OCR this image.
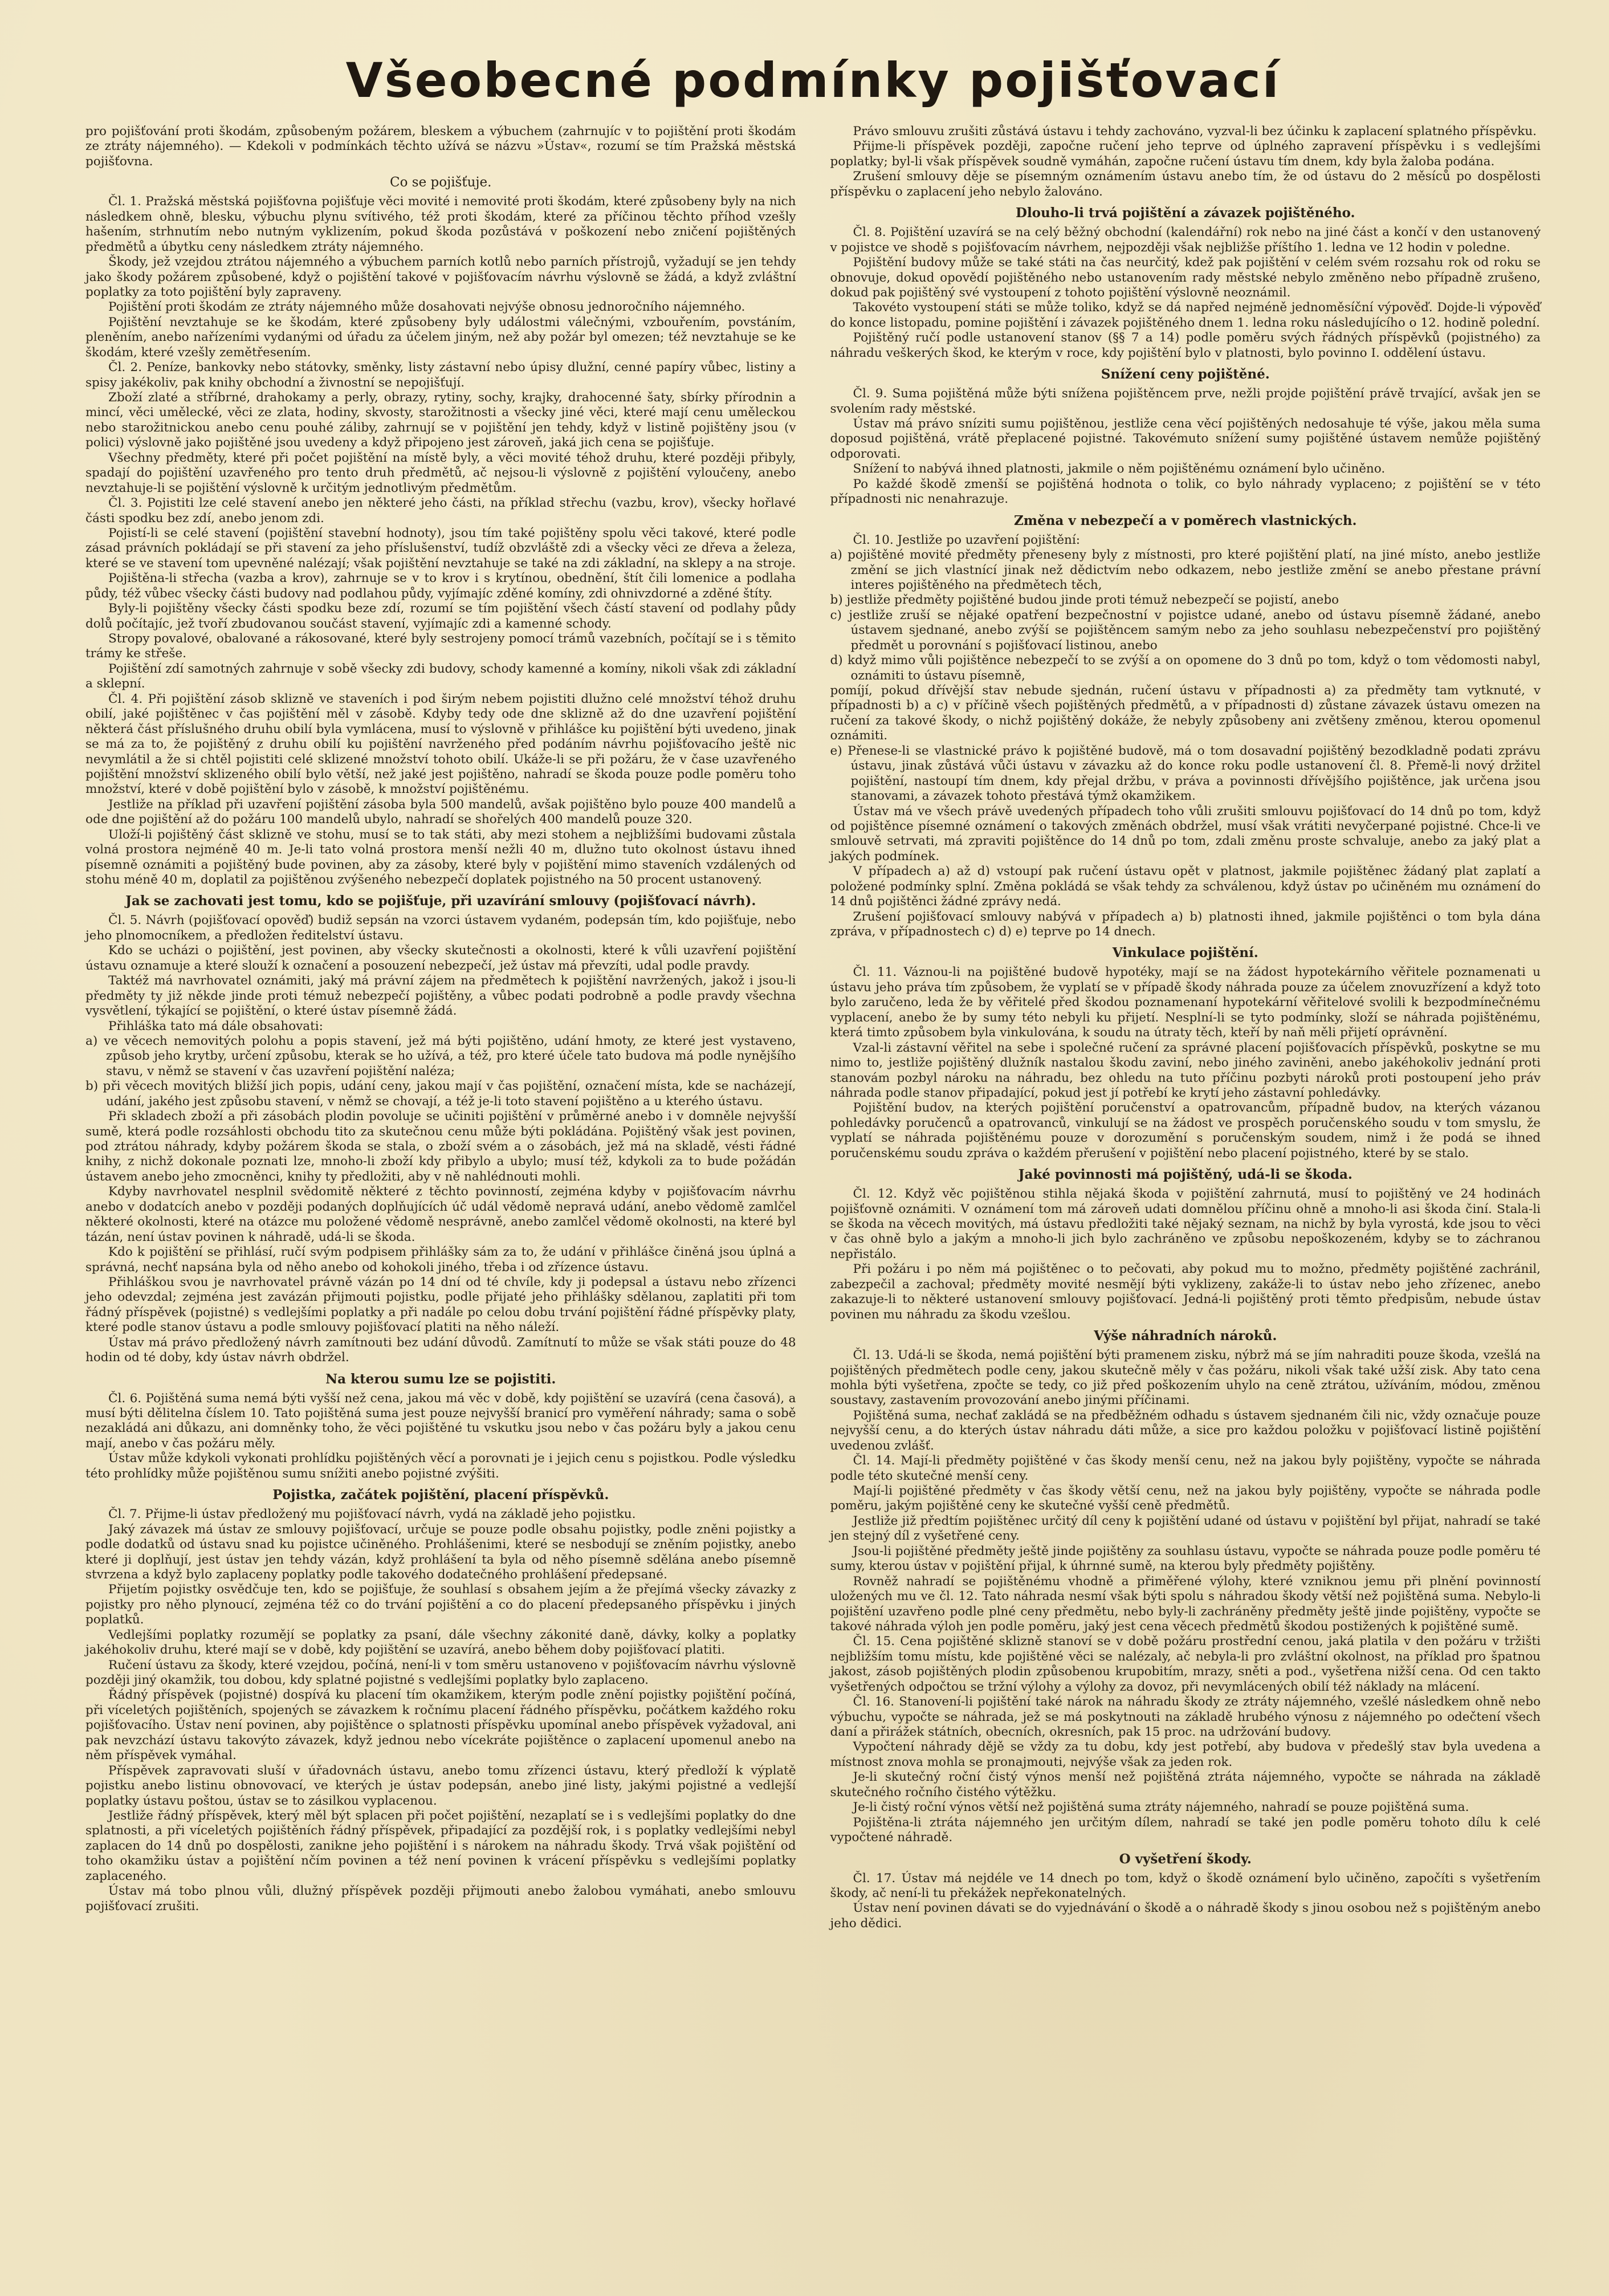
Všeobecné podmínky pojišťovací

pro pojišťování proti škodám, způsobeným požárem, bleskem a výbuchem (zahrnujíc v to pojištění proti škodám ze ztráty nájemného). — Kdekoli v podmínkách těchto užívá se názvu »Ústav«, rozumí se tím Pražská městská pojišťovna.

Co se pojišťuje.

Čl. 1. Pražská městská pojišťovna pojišťuje věci movité i nemovité proti škodám, které způsobeny byly na nich následkem ohně, blesku, výbuchu plynu svítivého, též proti škodám, které za příčinou těchto příhod vzešly hašením, strhnutím nebo nutným vyklizením, pokud škoda pozůstává v poškození nebo zničení pojištěných předmětů a úbytku ceny následkem ztráty nájemného.

Škody, jež vzejdou ztrátou nájemného a výbuchem parních kotlů nebo parních přístrojů, vyžadují se jen tehdy jako škody požárem způsobené, když o pojištění takové v pojišťovacím návrhu výslovně se žádá, a když zvláštní poplatky za toto pojištění byly zapraveny.

Pojištění proti škodám ze ztráty nájemného může dosahovati nejvýše obnosu jednoročního nájemného.

Pojištění nevztahuje se ke škodám, které způsobeny byly událostmi válečnými, vzbouřením, povstáním, pleněním, anebo nařízeními vydanými od úřadu za účelem jiným, než aby požár byl omezen; též nevztahuje se ke škodám, které vzešly zemětřesením.

Čl. 2. Peníze, bankovky nebo státovky, směnky, listy zástavní nebo úpisy dlužní, cenné papíry vůbec, listiny a spisy jakékoliv, pak knihy obchodní a živnostní se nepojišťují.

Zboží zlaté a stříbrné, drahokamy a perly, obrazy, rytiny, sochy, krajky, drahocenné šaty, sbírky přírodnin a mincí, věci umělecké, věci ze zlata, hodiny, skvosty, starožitnosti a všecky jiné věci, které mají cenu uměleckou nebo starožitnickou anebo cenu pouhé záliby, zahrnují se v pojištění jen tehdy, když v listině pojištěny jsou (v polici) výslovně jako pojištěné jsou uvedeny a když připojeno jest zároveň, jaká jich cena se pojišťuje.

Všechny předměty, které při počet pojištění na místě byly, a věci movité téhož druhu, které později přibyly, spadají do pojištění uzavřeného pro tento druh předmětů, ač nejsou-li výslovně z pojištění vyloučeny, anebo nevztahuje-li se pojištění výslovně k určitým jednotlivým předmětům.

Čl. 3. Pojistiti lze celé stavení anebo jen některé jeho části, na příklad střechu (vazbu, krov), všecky hořlavé části spodku bez zdí, anebo jenom zdi.

Pojistí-li se celé stavení (pojištění stavební hodnoty), jsou tím také pojištěny spolu věci takové, které podle zásad právních pokládají se při stavení za jeho příslušenství, tudíž obzvláště zdi a všecky věci ze dřeva a železa, které se ve stavení tom upevněné nalézají; však pojištění nevztahuje se také na zdi základní, na sklepy a na stroje.

Pojištěna-li střecha (vazba a krov), zahrnuje se v to krov i s krytínou, obednění, štít čili lomenice a podlaha půdy, též vůbec všecky části budovy nad podlahou půdy, vyjímajíc zděné komíny, zdi ohnivzdorné a zděné štíty.

Byly-li pojištěny všecky části spodku beze zdí, rozumí se tím pojištění všech částí stavení od podlahy půdy dolů počítajíc, jež tvoří zbudovanou součást stavení, vyjímajíc zdi a kamenné schody.

Stropy povalové, obalované a rákosované, které byly sestrojeny pomocí trámů vazebních, počítají se i s těmito trámy ke střeše.

Pojištění zdí samotných zahrnuje v sobě všecky zdi budovy, schody kamenné a komíny, nikoli však zdi základní a sklepní.

Čl. 4. Při pojištění zásob sklizně ve staveních i pod širým nebem pojistiti dlužno celé množství téhož druhu obilí, jaké pojištěnec v čas pojištění měl v zásobě. Kdyby tedy ode dne sklizně až do dne uzavření pojištění některá část příslušného druhu obilí byla vymlácena, musí to výslovně v přihlášce ku pojištění býti uvedeno, jinak se má za to, že pojištěný z druhu obilí ku pojištění navrženého před podáním návrhu pojišťovacího ještě nic nevymlátil a že si chtěl pojistiti celé sklizené množství tohoto obilí. Ukáže-li se při požáru, že v čase uzavřeného pojištění množství sklizeného obilí bylo větší, než jaké jest pojištěno, nahradí se škoda pouze podle poměru toho množství, které v době pojištění bylo v zásobě, k množství pojištěnému.

Jestliže na příklad při uzavření pojištění zásoba byla 500 mandelů, avšak pojištěno bylo pouze 400 mandelů a ode dne pojištění až do požáru 100 mandelů ubylo, nahradí se shořelých 400 mandelů pouze 320.

Uloží-li pojištěný část sklizně ve stohu, musí se to tak státi, aby mezi stohem a nejbližšími budovami zůstala volná prostora nejméně 40 m. Je-li tato volná prostora menší nežli 40 m, dlužno tuto okolnost ústavu ihned písemně oznámiti a pojištěný bude povinen, aby za zásoby, které byly v pojištění mimo staveních vzdálených od stohu méně 40 m, doplatil za pojištěnou zvýšeného nebezpečí doplatek pojistného na 50 procent ustanovený.

Jak se zachovati jest tomu, kdo se pojišťuje, při uzavírání smlouvy (pojišťovací návrh).

Čl. 5. Návrh (pojišťovací opověď) budiž sepsán na vzorci ústavem vydaném, podepsán tím, kdo pojišťuje, nebo jeho plnomocníkem, a předložen ředitelství ústavu.

Kdo se ucházi o pojištění, jest povinen, aby všecky skutečnosti a okolnosti, které k vůli uzavření pojištění ústavu oznamuje a které slouží k označení a posouzení nebezpečí, jež ústav má převzíti, udal podle pravdy.

Taktéž má navrhovatel oznámiti, jaký má právní zájem na předmětech k pojištění navržených, jakož i jsou-li předměty ty již někde jinde proti témuž nebezpečí pojištěny, a vůbec podati podrobně a podle pravdy všechna vysvětlení, týkající se pojištění, o které ústav písemně žádá.

Přihláška tato má dále obsahovati:

a) ve věcech nemovitých polohu a popis stavení, jež má býti pojištěno, udání hmoty, ze které jest vystaveno, způsob jeho krytby, určení způsobu, kterak se ho užívá, a též, pro které účele tato budova má podle nynějšího stavu, v němž se stavení v čas uzavření pojištění naléza;
b) při věcech movitých bližší jich popis, udání ceny, jakou mají v čas pojištění, označení místa, kde se nacházejí, udání, jakého jest způsobu stavení, v němž se chovají, a též je-li toto stavení pojištěno a u kterého ústavu.

Při skladech zboží a při zásobách plodin povoluje se učiniti pojištění v průměrné anebo i v domněle nejvyšší sumě, která podle rozsáhlosti obchodu tito za skutečnou cenu může býti pokládána. Pojištěný však jest povinen, pod ztrátou náhrady, kdyby požárem škoda se stala, o zboží svém a o zásobách, jež má na skladě, vésti řádné knihy, z nichž dokonale poznati lze, mnoho-li zboží kdy přibylo a ubylo; musí též, kdykoli za to bude požádán ústavem anebo jeho zmocněnci, knihy ty předložiti, aby v ně nahlédnouti mohli.

Kdyby navrhovatel nesplnil svědomitě některé z těchto povinností, zejména kdyby v pojišťovacím návrhu anebo v dodatcích anebo v později podaných doplňujících úč udál vědomě nepravá udání, anebo vědomě zamlčel některé okolnosti, které na otázce mu položené vědomě nesprávně, anebo zamlčel vědomě okolnosti, na které byl tázán, není ústav povinen k náhradě, udá-li se škoda.

Kdo k pojištění se přihlásí, ručí svým podpisem přihlášky sám za to, že udání v přihlášce činěná jsou úplná a správná, nechť napsána byla od něho anebo od kohokoli jiného, třeba i od zřízence ústavu.

Přihláškou svou je navrhovatel právně vázán po 14 dní od té chvíle, kdy ji podepsal a ústavu nebo zřízenci jeho odevzdal; zejména jest zavázán přijmouti pojistku, podle přijaté jeho přihlášky sdělanou, zaplatiti při tom řádný příspěvek (pojistné) s vedlejšími poplatky a při nadále po celou dobu trvání pojištění řádné příspěvky platy, které podle stanov ústavu a podle smlouvy pojišťovací platiti na něho náleží.

Ústav má právo předložený návrh zamítnouti bez udání důvodů. Zamítnutí to může se však státi pouze do 48 hodin od té doby, kdy ústav návrh obdržel.

Na kterou sumu lze se pojistiti.

Čl. 6. Pojištěná suma nemá býti vyšší než cena, jakou má věc v době, kdy pojištění se uzavírá (cena časová), a musí býti dělitelna číslem 10. Tato pojištěná suma jest pouze nejvyšší branicí pro vyměření náhrady; sama o sobě nezakládá ani důkazu, ani domněnky toho, že věci pojištěné tu vskutku jsou nebo v čas požáru byly a jakou cenu mají, anebo v čas požáru měly.

Ústav může kdykoli vykonati prohlídku pojištěných věcí a porovnati je i jejich cenu s pojistkou. Podle výsledku této prohlídky může pojištěnou sumu snížiti anebo pojistné zvýšiti.

Pojistka, začátek pojištění, placení příspěvků.

Čl. 7. Přijme-li ústav předložený mu pojišťovací návrh, vydá na základě jeho pojistku.

Jaký závazek má ústav ze smlouvy pojišťovací, určuje se pouze podle obsahu pojistky, podle zněni pojistky a podle dodatků od ústavu snad ku pojistce učiněného. Prohlášenimi, které se nesbodují se zněním pojistky, anebo které ji doplňují, jest ústav jen tehdy vázán, když prohlášení ta byla od něho písemně sdělána anebo písemně stvrzena a když bylo zaplaceny poplatky podle takového dodatečného prohlášení předepsané.

Přijetím pojistky osvědčuje ten, kdo se pojišťuje, že souhlasí s obsahem jejím a že přejímá všecky závazky z pojistky pro něho plynoucí, zejména též co do trvání pojištění a co do placení předepsaného příspěvku i jiných poplatků.

Vedlejšími poplatky rozumějí se poplatky za psaní, dále všechny zákonité daně, dávky, kolky a poplatky jakéhokoliv druhu, které mají se v době, kdy pojištění se uzavírá, anebo během doby pojišťovací platiti.

Ručení ústavu za škody, které vzejdou, počíná, není-li v tom směru ustanoveno v pojišťovacím návrhu výslovně později jiný okamžik, tou dobou, kdy splatné pojistné s vedlejšími poplatky bylo zaplaceno.

Řádný příspěvek (pojistné) dospívá ku placení tím okamžikem, kterým podle znění pojistky pojištění počíná, při víceletých pojištěních, spojených se závazkem k ročnímu placení řádného příspěvku, počátkem každého roku pojišťovacího. Ústav není povinen, aby pojištěnce o splatnosti příspěvku upomínal anebo příspěvek vyžadoval, ani pak nevzchází ústavu takovýto závazek, když jednou nebo vícekráte pojištěnce o zaplacení upomenul anebo na něm příspěvek vymáhal.

Příspěvek zapravovati sluší v úřadovnách ústavu, anebo tomu zřízenci ústavu, který předloží k výplatě pojistku anebo listinu obnovovací, ve kterých je ústav podepsán, anebo jiné listy, jakými pojistné a vedlejší poplatky ústavu poštou, ústav se to zásilkou vyplacenou.

Jestliže řádný příspěvek, který měl být splacen při počet pojištění, nezaplatí se i s vedlejšími poplatky do dne splatnosti, a při víceletých pojištěních řádný příspěvek, připadající za pozdější rok, i s poplatky vedlejšími nebyl zaplacen do 14 dnů po dospělosti, zanikne jeho pojištění i s nárokem na náhradu škody. Trvá však pojištění od toho okamžiku ústav a pojištění nčím povinen a též není povinen k vrácení příspěvku s vedlejšími poplatky zaplaceného.

Ústav má tobo plnou vůli, dlužný příspěvek později přijmouti anebo žalobou vymáhati, anebo smlouvu pojišťovací zrušiti.

Právo smlouvu zrušiti zůstává ústavu i tehdy zachováno, vyzval-li bez účinku k zaplacení splatného příspěvku.

Přijme-li příspěvek později, započne ručení jeho teprve od úplného zapravení příspěvku i s vedlejšími poplatky; byl-li však příspěvek soudně vymáhán, započne ručení ústavu tím dnem, kdy byla žaloba podána.

Zrušení smlouvy děje se písemným oznámením ústavu anebo tím, že od ústavu do 2 měsíců po dospělosti příspěvku o zaplacení jeho nebylo žalováno.

Dlouho-li trvá pojištění a závazek pojištěného.

Čl. 8. Pojištění uzavírá se na celý běžný obchodní (kalendářní) rok nebo na jiné část a končí v den ustanovený v pojistce ve shodě s pojišťovacím návrhem, nejpozději však nejbližše příštího 1. ledna ve 12 hodin v poledne.

Pojištění budovy může se také státi na čas neurčitý, kdež pak pojištění v celém svém rozsahu rok od roku se obnovuje, dokud opovědí pojištěného nebo ustanovením rady městské nebylo změněno nebo případně zrušeno, dokud pak pojištěný své vystoupení z tohoto pojištění výslovně neoznámil.

Takovéto vystoupení státi se může toliko, když se dá napřed nejméně jednoměsíční výpověď. Dojde-li výpověď do konce listopadu, pomine pojištění i závazek pojištěného dnem 1. ledna roku následujícího o 12. hodině polední.

Pojištěný ručí podle ustanovení stanov (§§ 7 a 14) podle poměru svých řádných příspěvků (pojistného) za náhradu veškerých škod, ke kterým v roce, kdy pojištění bylo v platnosti, bylo povinno I. oddělení ústavu.

Snížení ceny pojištěné.

Čl. 9. Suma pojištěná může býti snížena pojištěncem prve, nežli projde pojištění právě trvající, avšak jen se svolením rady městské.

Ústav má právo sníziti sumu pojištěnou, jestliže cena věcí pojištěných nedosahuje té výše, jakou měla suma doposud pojištěná, vrátě přeplacené pojistné. Takovémuto snížení sumy pojištěné ústavem nemůže pojištěný odporovati.

Snížení to nabývá ihned platnosti, jakmile o něm pojištěnému oznámení bylo učiněno.

Po každé škodě zmenší se pojištěná hodnota o tolik, co bylo náhrady vyplaceno; z pojištění se v této případnosti nic nenahrazuje.

Změna v nebezpečí a v poměrech vlastnických.

Čl. 10. Jestliže po uzavření pojištění:

a) pojištěné movité předměty přeneseny byly z místnosti, pro které pojištění platí, na jiné místo, anebo jestliže změní se jich vlastnící jinak než dědictvím nebo odkazem, nebo jestliže změní se anebo přestane právní interes pojištěného na předmětech těch,
b) jestliže předměty pojištěné budou jinde proti témuž nebezpečí se pojistí, anebo
c) jestliže zruší se nějaké opatření bezpečnostní v pojistce udané, anebo od ústavu písemně žádané, anebo ústavem sjednané, anebo zvýší se pojištěncem samým nebo za jeho souhlasu nebezpečenství pro pojištěný předmět u porovnání s pojišťovací listinou, anebo
d) když mimo vůli pojištěnce nebezpečí to se zvýší a on opomene do 3 dnů po tom, když o tom vědomosti nabyl, oznámiti to ústavu písemně,

pomíjí, pokud dřívější stav nebude sjednán, ručení ústavu v případnosti a) za předměty tam vytknuté, v případnosti b) a c) v příčině všech pojištěných předmětů, a v případnosti d) zůstane závazek ústavu omezen na ručení za takové škody, o nichž pojištěný dokáže, že nebyly způsobeny ani zvětšeny změnou, kterou opomenul oznámiti.

e) Přenese-li se vlastnické právo k pojištěné budově, má o tom dosavadní pojištěný bezodkladně podati zprávu ústavu, jinak zůstává vůči ústavu v závazku až do konce roku podle ustanovení čl. 8. Přemě-li nový držitel pojištění, nastoupí tím dnem, kdy přejal držbu, v práva a povinnosti dřívějšího pojištěnce, jak určena jsou stanovami, a závazek tohoto přestává týmž okamžikem.

Ústav má ve všech právě uvedených případech toho vůli zrušiti smlouvu pojišťovací do 14 dnů po tom, když od pojištěnce písemné oznámení o takových změnách obdržel, musí však vrátiti nevyčerpané pojistné. Chce-li ve smlouvě setrvati, má zpraviti pojištěnce do 14 dnů po tom, zdali změnu proste schvaluje, anebo za jaký plat a jakých podmínek.

V případech a) až d) vstoupí pak ručení ústavu opět v platnost, jakmile pojištěnec žádaný plat zaplatí a položené podmínky splní. Změna pokládá se však tehdy za schválenou, když ústav po učiněném mu oznámení do 14 dnů pojištěnci žádné zprávy nedá.

Zrušení pojišťovací smlouvy nabývá v případech a) b) platnosti ihned, jakmile pojištěnci o tom byla dána zpráva, v případnostech c) d) e) teprve po 14 dnech.

Vinkulace pojištění.

Čl. 11. Váznou-li na pojištěné budově hypotéky, mají se na žádost hypotekárního věřitele poznamenati u ústavu jeho práva tím způsobem, že vyplatí se v případě škody náhrada pouze za účelem znovuzřízení a když toto bylo zaručeno, leda že by věřitelé před škodou poznamenaní hypotekární věřitelové svolili k bezpodmínečnému vyplacení, anebo že by sumy této nebyli ku přijetí. Nesplní-li se tyto podmínky, složí se náhrada pojištěnému, která timto způsobem byla vinkulována, k soudu na útraty těch, kteří by naň měli přijetí oprávnění.

Vzal-li zástavní věřitel na sebe i společné ručení za správné placení pojišťovacích příspěvků, poskytne se mu nimo to, jestliže pojištěný dlužník nastalou škodu zaviní, nebo jiného zaviněni, anebo jakéhokoliv jednání proti stanovám pozbyl nároku na náhradu, bez ohledu na tuto příčinu pozbyti nároků proti postoupení jeho práv náhrada podle stanov připadající, pokud jest jí potřebí ke krytí jeho zástavní pohledávky.

Pojištění budov, na kterých pojištění poručenství a opatrovancům, případně budov, na kterých vázanou pohledávky poručenců a opatrovanců, vinkulují se na žádost ve prospěch poručenského soudu v tom smyslu, že vyplatí se náhrada pojištěnému pouze v dorozumění s poručenským soudem, nimž i že podá se ihned poručenskému soudu zpráva o každém přerušení v pojištění nebo placení pojistného, které by se stalo.

Jaké povinnosti má pojištěný, udá-li se škoda.

Čl. 12. Když věc pojištěnou stihla nějaká škoda v pojištění zahrnutá, musí to pojištěný ve 24 hodinách pojišťovně oznámiti. V oznámení tom má zároveň udati domnělou příčinu ohně a mnoho-li asi škoda činí. Stala-li se škoda na věcech movitých, má ústavu předložiti také nějaký seznam, na nichž by byla vyrostá, kde jsou to věci v čas ohně bylo a jakým a mnoho-li jich bylo zachráněno ve způsobu nepoškozeném, kdyby se to záchranou nepřistálo.

Při požáru i po něm má pojištěnec o to pečovati, aby pokud mu to možno, předměty pojištěné zachránil, zabezpečil a zachoval; předměty movité nesmějí býti vyklizeny, zakáže-li to ústav nebo jeho zřízenec, anebo zakazuje-li to některé ustanovení smlouvy pojišťovací. Jedná-li pojištěný proti těmto předpisům, nebude ústav povinen mu náhradu za škodu vzešlou.

Výše náhradních nároků.

Čl. 13. Udá-li se škoda, nemá pojištění býti pramenem zisku, nýbrž má se jím nahraditi pouze škoda, vzešlá na pojištěných předmětech podle ceny, jakou skutečně měly v čas požáru, nikoli však také užší zisk. Aby tato cena mohla býti vyšetřena, zpočte se tedy, co již před poškozením uhylo na ceně ztrátou, užíváním, módou, změnou soustavy, zastavením provozování anebo jinými příčinami.

Pojištěná suma, nechať zakládá se na předběžném odhadu s ústavem sjednaném čili nic, vždy označuje pouze nejvyšší cenu, a do kterých ústav náhradu dáti může, a sice pro každou položku v pojišťovací listině pojištění uvedenou zvlášť.

Čl. 14. Mají-li předměty pojištěné v čas škody menší cenu, než na jakou byly pojištěny, vypočte se náhrada podle této skutečné menší ceny.

Mají-li pojištěné předměty v čas škody větší cenu, než na jakou byly pojištěny, vypočte se náhrada podle poměru, jakým pojištěné ceny ke skutečné vyšší ceně předmětů.

Jestliže již předtím pojištěnec určitý díl ceny k pojištění udané od ústavu v pojištění byl přijat, nahradí se také jen stejný díl z vyšetřené ceny.

Jsou-li pojištěné předměty ještě jinde pojištěny za souhlasu ústavu, vypočte se náhrada pouze podle poměru té sumy, kterou ústav v pojištění přijal, k úhrnné sumě, na kterou byly předměty pojištěny.

Rovněž nahradí se pojištěnému vhodně a přiměřené výlohy, které vzniknou jemu při plnění povinností uložených mu ve čl. 12. Tato náhrada nesmí však býti spolu s náhradou škody větší než pojištěná suma. Nebylo-li pojištění uzavřeno podle plné ceny předmětu, nebo byly-li zachráněny předměty ještě jinde pojištěny, vypočte se takové náhrada výloh jen podle poměru, jaký jest cena věcech předmětů škodou postižených k pojištěné sumě.

Čl. 15. Cena pojištěné sklizně stanoví se v době požáru prostřední cenou, jaká platila v den požáru v tržišti nejbližším tomu místu, kde pojištěné věci se nalézaly, ač nebyla-li pro zvláštní okolnost, na příklad pro špatnou jakost, zásob pojištěných plodin způsobenou krupobitím, mrazy, sněti a pod., vyšetřena nižší cena. Od cen takto vyšetřených odpočtou se tržní výlohy a výlohy za dovoz, při nevymlácených obilí též náklady na mlácení.

Čl. 16. Stanovení-li pojištění také nárok na náhradu škody ze ztráty nájemného, vzešlé následkem ohně nebo výbuchu, vypočte se náhrada, jež se má poskytnouti na základě hrubého výnosu z nájemného po odečtení všech daní a přirážek státních, obecních, okresních, pak 15 proc. na udržování budovy.

Vypočtení náhrady dějě se vždy za tu dobu, kdy jest potřebí, aby budova v předešlý stav byla uvedena a místnost znova mohla se pronajmouti, nejvýše však za jeden rok.

Je-li skutečný roční čistý výnos menší než pojištěná ztráta nájemného, vypočte se náhrada na základě skutečného ročního čistého výtěžku.

Je-li čistý roční výnos větší než pojištěná suma ztráty nájemného, nahradí se pouze pojištěná suma.

Pojištěna-li ztráta nájemného jen určitým dílem, nahradí se také jen podle poměru tohoto dílu k celé vypočtené náhradě.

O vyšetření škody.

Čl. 17. Ústav má nejdéle ve 14 dnech po tom, když o škodě oznámení bylo učiněno, započíti s vyšetřením škody, ač není-li tu překážek nepřekonatelných.

Ústav není povinen dávati se do vyjednávání o škodě a o náhradě škody s jinou osobou než s pojištěným anebo jeho dědici.
